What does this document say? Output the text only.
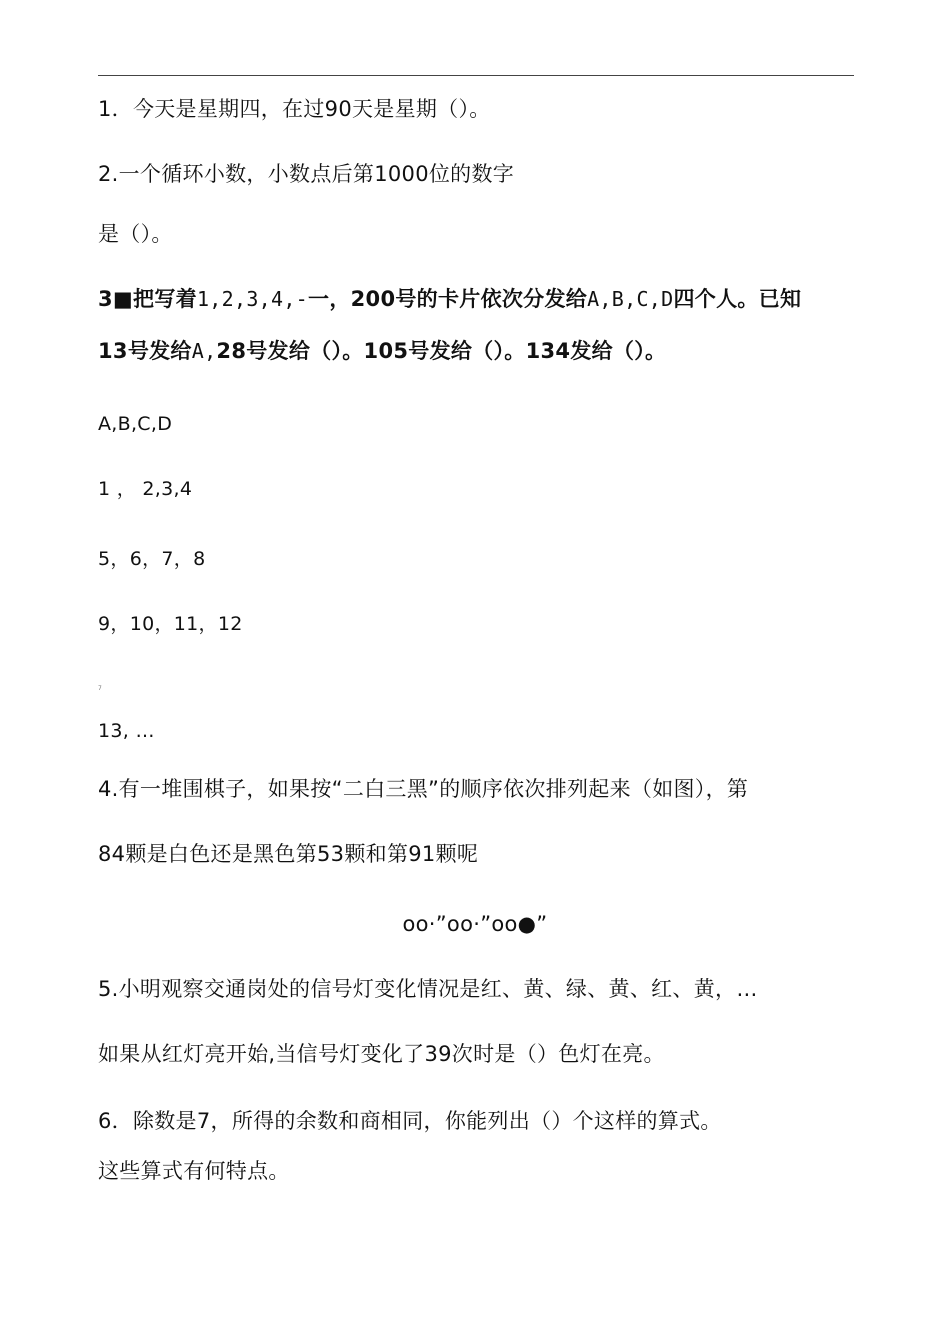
1．今天是星期四，在过90天是星期（）。
2.一个循环小数，小数点后第1000位的数字
是（）。
3■把写着1,2,3,4,-一，200号的卡片依次分发给A,B,C,D四个人。已知
13号发给A,28号发给（）。105号发给（）。134发给（）。
A,B,C,D
1 ， 2,3,4
5，6，7，8
9，10，11，12
7
13, …
4.有一堆围棋子，如果按“二白三黑”的顺序依次排列起来（如图），第
84颗是白色还是黑色第53颗和第91颗呢
oo·”oo·”oo●”
5.小明观察交通岗处的信号灯变化情况是红、黄、绿、黄、红、黄，…
如果从红灯亮开始,当信号灯变化了39次时是（）色灯在亮。
6．除数是7，所得的余数和商相同，你能列出（）个这样的算式。
这些算式有何特点。
